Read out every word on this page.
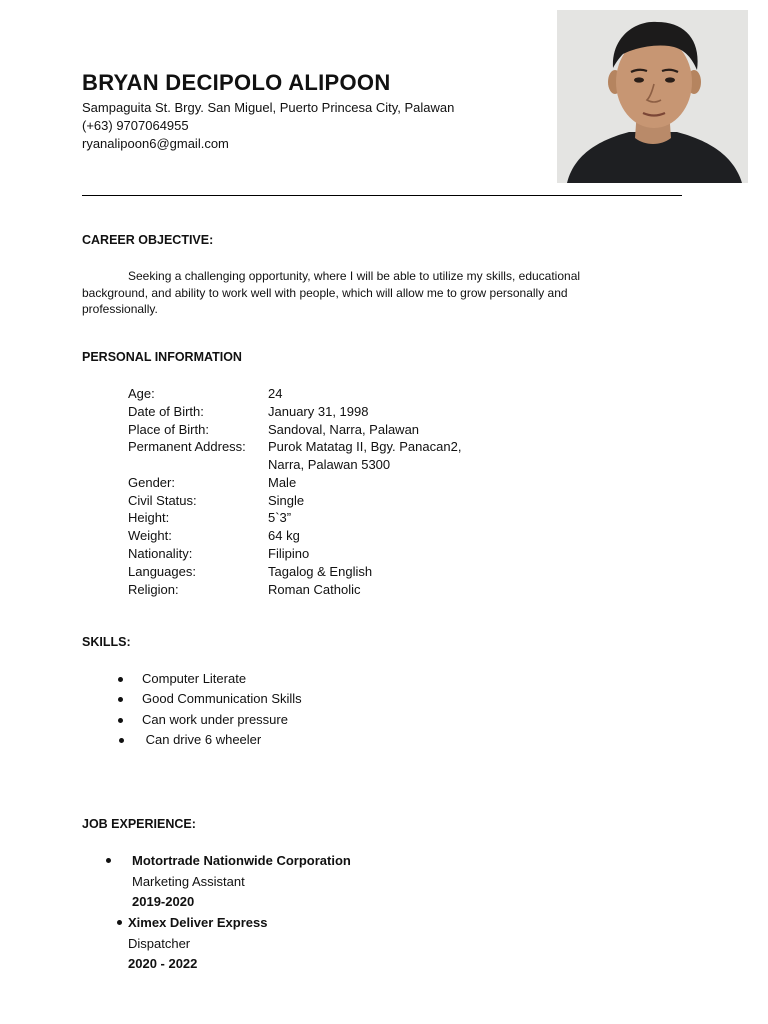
BRYAN DECIPOLO ALIPOON
Sampaguita St. Brgy. San Miguel, Puerto Princesa City, Palawan
(+63) 9707064955
ryanalipoon6@gmail.com
CAREER OBJECTIVE:

Seeking a challenging opportunity, where I will be able to utilize my skills, educational background, and ability to work well with people, which will allow me to grow personally and professionally.

PERSONAL INFORMATION
Age:	24
Date of Birth:	January 31, 1998
Place of Birth:	Sandoval, Narra, Palawan
Permanent Address: Purok Matatag II, Bgy. Panacan2,
Narra, Palawan 5300
Gender:	Male
Civil Status:	Single
Height:	5`3”
Weight:	64 kg
Nationality:	Filipino
Languages:	Tagalog & English
Religion:	Roman Catholic
SKILLS:
Computer Literate
Good Communication Skills
Can work under pressure
Can drive 6 wheeler
JOB EXPERIENCE:
Motortrade Nationwide Corporation
Marketing Assistant
2019-2020
Ximex Deliver Express
Dispatcher
2020 - 2022
